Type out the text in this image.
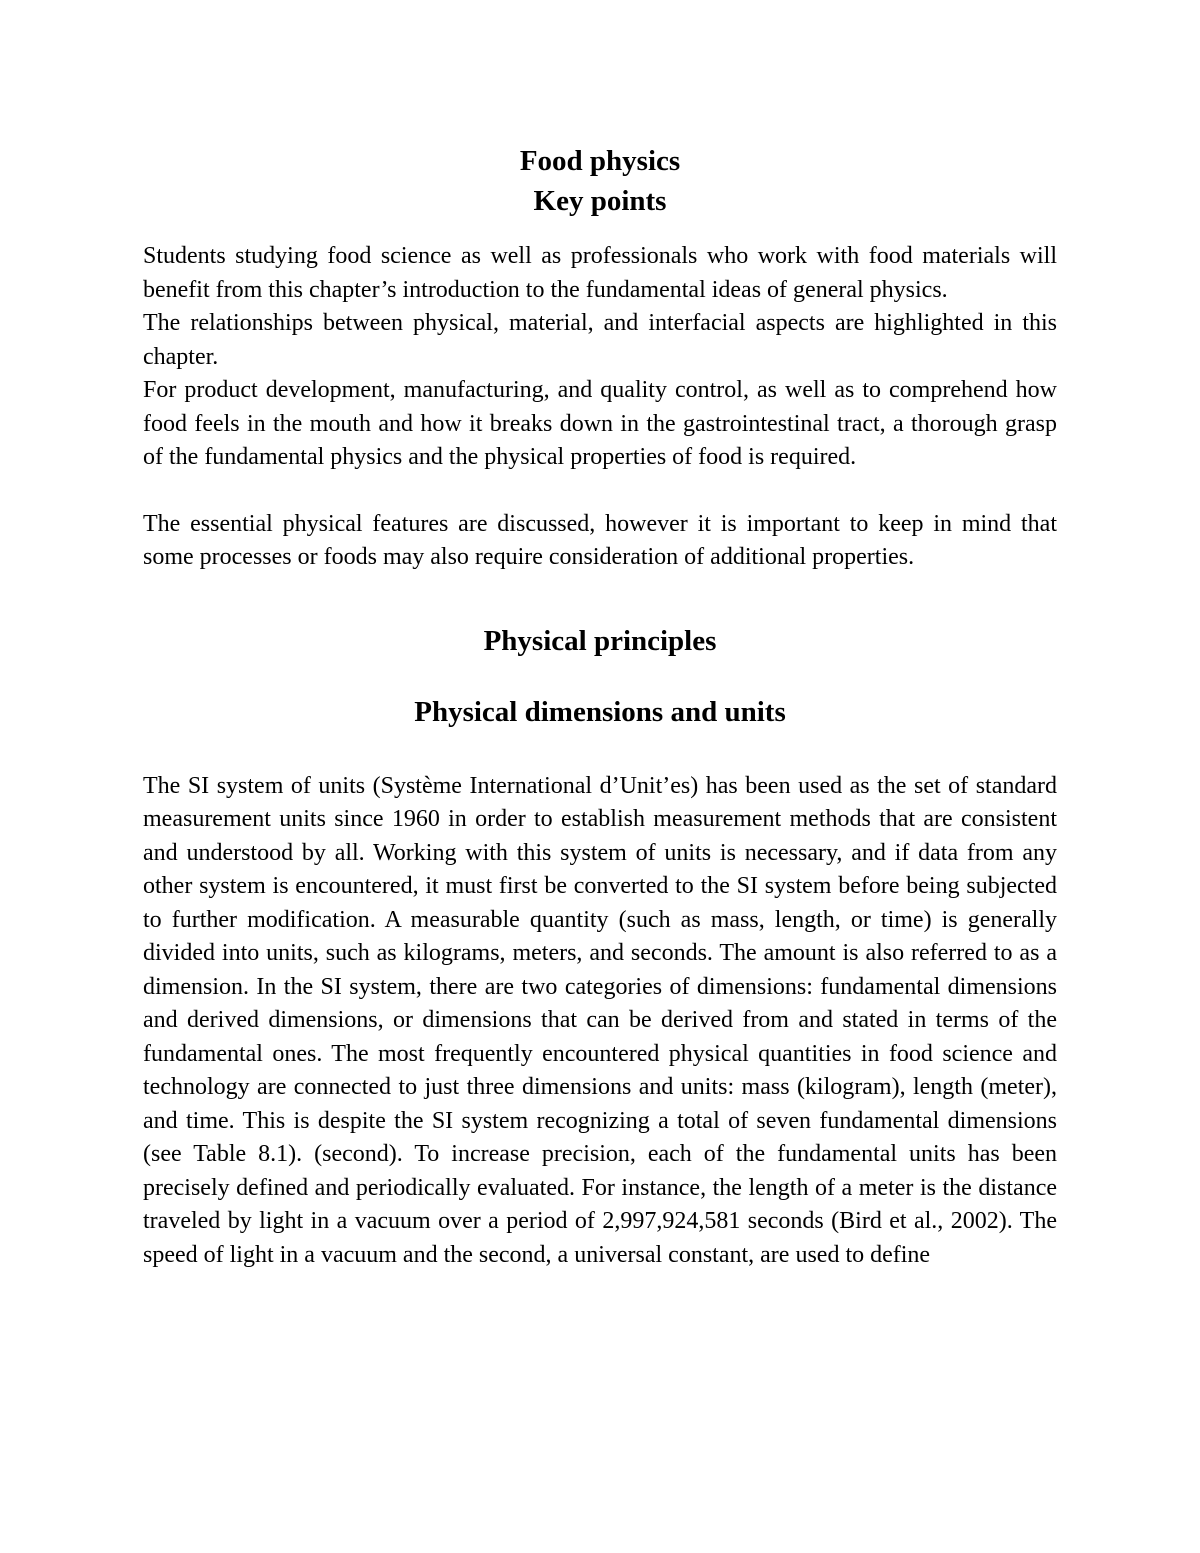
Food physics
Key points

Students studying food science as well as professionals who work with food materials will benefit from this chapter’s introduction to the fundamental ideas of general physics.

The relationships between physical, material, and interfacial aspects are highlighted in this chapter.

For product development, manufacturing, and quality control, as well as to comprehend how food feels in the mouth and how it breaks down in the gastrointestinal tract, a thorough grasp of the fundamental physics and the physical properties of food is required.

The essential physical features are discussed, however it is important to keep in mind that some processes or foods may also require consideration of additional properties.

Physical principles
Physical dimensions and units

The SI system of units (Système International d’Unit’es) has been used as the set of standard measurement units since 1960 in order to establish measurement methods that are consistent and understood by all. Working with this system of units is necessary, and if data from any other system is encountered, it must first be converted to the SI system before being subjected to further modification. A measurable quantity (such as mass, length, or time) is generally divided into units, such as kilograms, meters, and seconds. The amount is also referred to as a dimension. In the SI system, there are two categories of dimensions: fundamental dimensions and derived dimensions, or dimensions that can be derived from and stated in terms of the fundamental ones. The most frequently encountered physical quantities in food science and technology are connected to just three dimensions and units: mass (kilogram), length (meter), and time. This is despite the SI system recognizing a total of seven fundamental dimensions (see Table 8.1). (second). To increase precision, each of the fundamental units has been precisely defined and periodically evaluated. For instance, the length of a meter is the distance traveled by light in a vacuum over a period of 2,997,924,581 seconds (Bird et al., 2002). The speed of light in a vacuum and the second, a universal constant, are used to define
